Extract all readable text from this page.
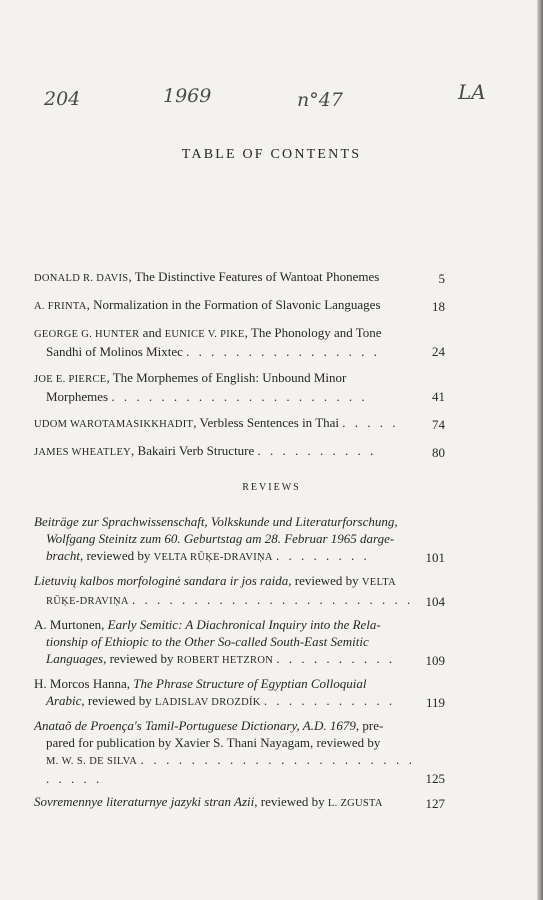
204	1969	n°47	LA
TABLE OF CONTENTS
DONALD R. DAVIS, The Distinctive Features of Wantoat Phonemes	5
A. FRINTA, Normalization in the Formation of Slavonic Languages	18
GEORGE G. HUNTER and EUNICE V. PIKE, The Phonology and Tone
Sandhi of Molinos Mixtec . . . . . . . . . . . . . . . .	24
JOE E. PIERCE, The Morphemes of English: Unbound Minor
Morphemes . . . . . . . . . . . . . . . . . . . . .	41
UDOM WAROTAMASIKKHADIT, Verbless Sentences in Thai . . . . .	74
JAMES WHEATLEY, Bakairi Verb Structure . . . . . . . . . .	80
REVIEWS
Beiträge zur Sprachwissenschaft, Volkskunde und Literaturforschung,
Wolfgang Steinitz zum 60. Geburtstag am 28. Februar 1965 darge-
bracht, reviewed by VELTA RŪĶE-DRAVIŅA . . . . . . . .	101
Lietuvių kalbos morfologinė sandara ir jos raida, reviewed by VELTA
RŪĶE-DRAVIŅA . . . . . . . . . . . . . . . . . . . . . . . 104
A. Murtonen, Early Semitic: A Diachronical Inquiry into the Rela-
tionship of Ethiopic to the Other So-called South-East Semitic
Languages, reviewed by ROBERT HETZRON . . . . . . . . . .	109
H. Morcos Hanna, The Phrase Structure of Egyptian Colloquial
Arabic, reviewed by LADISLAV DROZDÍK . . . . . . . . . . .	119
Anataõ de Proença's Tamil-Portuguese Dictionary, A.D. 1679, pre-
pared for publication by Xavier S. Thani Nayagam, reviewed by
M. W. S. DE SILVA . . . . . . . . . . . . . . . . . . . . . . . . . . .	125
Sovremennye literaturnye jazyki stran Azii, reviewed by L. ZGUSTA	127
